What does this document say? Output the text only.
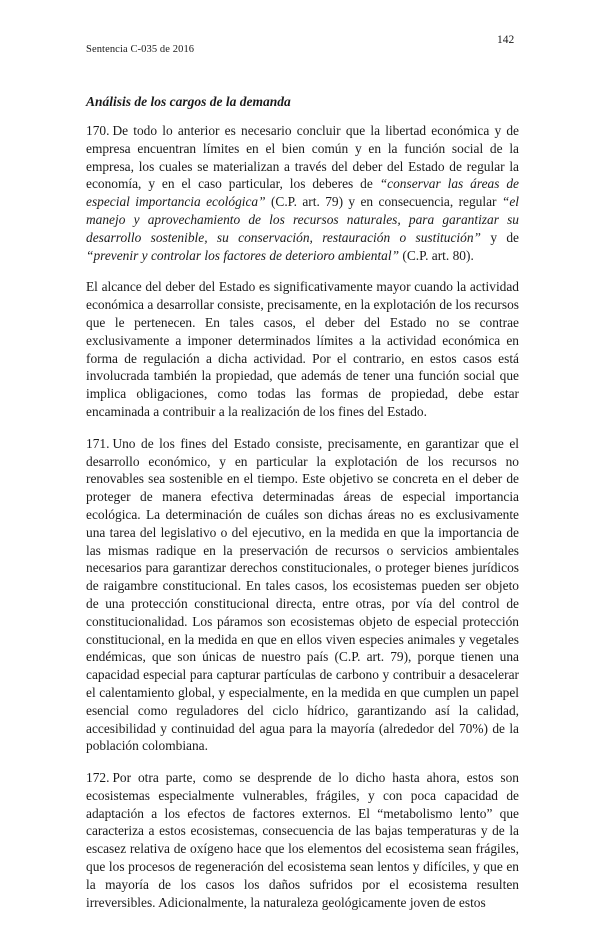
Sentencia C-035 de 2016
142
Análisis de los cargos de la demanda

170. De todo lo anterior es necesario concluir que la libertad económica y de empresa encuentran límites en el bien común y en la función social de la empresa, los cuales se materializan a través del deber del Estado de regular la economía, y en el caso particular, los deberes de “conservar las áreas de especial importancia ecológica” (C.P. art. 79) y en consecuencia, regular “el manejo y aprovechamiento de los recursos naturales, para garantizar su desarrollo sostenible, su conservación, restauración o sustitución” y de “prevenir y controlar los factores de deterioro ambiental” (C.P. art. 80).

El alcance del deber del Estado es significativamente mayor cuando la actividad económica a desarrollar consiste, precisamente, en la explotación de los recursos que le pertenecen. En tales casos, el deber del Estado no se contrae exclusivamente a imponer determinados límites a la actividad económica en forma de regulación a dicha actividad. Por el contrario, en estos casos está involucrada también la propiedad, que además de tener una función social que implica obligaciones, como todas las formas de propiedad, debe estar encaminada a contribuir a la realización de los fines del Estado.

171. Uno de los fines del Estado consiste, precisamente, en garantizar que el desarrollo económico, y en particular la explotación de los recursos no renovables sea sostenible en el tiempo. Este objetivo se concreta en el deber de proteger de manera efectiva determinadas áreas de especial importancia ecológica. La determinación de cuáles son dichas áreas no es exclusivamente una tarea del legislativo o del ejecutivo, en la medida en que la importancia de las mismas radique en la preservación de recursos o servicios ambientales necesarios para garantizar derechos constitucionales, o proteger bienes jurídicos de raigambre constitucional. En tales casos, los ecosistemas pueden ser objeto de una protección constitucional directa, entre otras, por vía del control de constitucionalidad. Los páramos son ecosistemas objeto de especial protección constitucional, en la medida en que en ellos viven especies animales y vegetales endémicas, que son únicas de nuestro país (C.P. art. 79), porque tienen una capacidad especial para capturar partículas de carbono y contribuir a desacelerar el calentamiento global, y especialmente, en la medida en que cumplen un papel esencial como reguladores del ciclo hídrico, garantizando así la calidad, accesibilidad y continuidad del agua para la mayoría (alrededor del 70%) de la población colombiana.

172. Por otra parte, como se desprende de lo dicho hasta ahora, estos son ecosistemas especialmente vulnerables, frágiles, y con poca capacidad de adaptación a los efectos de factores externos. El “metabolismo lento” que caracteriza a estos ecosistemas, consecuencia de las bajas temperaturas y de la escasez relativa de oxígeno hace que los elementos del ecosistema sean frágiles, que los procesos de regeneración del ecosistema sean lentos y difíciles, y que en la mayoría de los casos los daños sufridos por el ecosistema resulten irreversibles. Adicionalmente, la naturaleza geológicamente joven de estos
